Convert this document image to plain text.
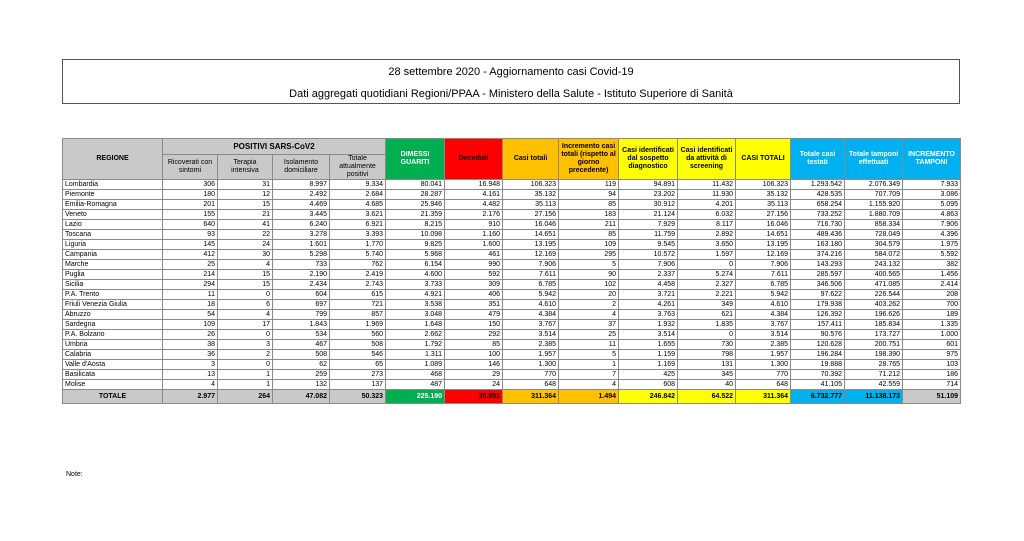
28 settembre 2020 - Aggiornamento casi Covid-19
Dati aggregati quotidiani Regioni/PPAA - Ministero della Salute - Istituto Superiore di Sanità
REGIONE	POSITIVI SARS-CoV2				DIMESSI GUARITI	Deceduti	Casi totali	Incremento casi totali (rispetto al giorno precedente)	Casi identificati dal sospetto diagnostico	Casi identificati da attività di screening	CASI TOTALI	Totale casi testati	Totale tamponi effettuati	INCREMENTO TAMPONI
	Ricoverati con sintomi	Terapia intensiva	Isolamento domiciliare	Totale attualmente positivi										
Lombardia	306	31	8.997	9.334	80.041	16.948	106.323	119	94.891	11.432	106.323	1.293.542	2.076.349	7.933
Piemonte	180	12	2.492	2.684	28.287	4.161	35.132	94	23.202	11.930	35.132	428.535	707.709	3.086
Emilia-Romagna	201	15	4.469	4.685	25.946	4.482	35.113	85	30.912	4.201	35.113	658.254	1.155.920	5.095
Veneto	155	21	3.445	3.621	21.359	2.176	27.156	183	21.124	6.032	27.156	733.252	1.880.709	4.863
Lazio	640	41	6.240	6.921	8.215	910	16.046	211	7.929	8.117	16.046	716.730	858.334	7.906
Toscana	93	22	3.278	3.393	10.098	1.160	14.651	85	11.759	2.892	14.651	489.436	728.049	4.396
Liguria	145	24	1.601	1.770	9.825	1.600	13.195	109	9.545	3.650	13.195	163.180	304.579	1.975
Campania	412	30	5.298	5.740	5.968	461	12.169	295	10.572	1.597	12.169	374.216	584.072	5.592
Marche	25	4	733	762	6.154	990	7.906	5	7.906	0	7.906	143.293	243.132	382
Puglia	214	15	2.190	2.419	4.600	592	7.611	90	2.337	5.274	7.611	285.597	400.565	1.456
Sicilia	294	15	2.434	2.743	3.733	309	6.785	102	4.458	2.327	6.785	346.506	471.085	2.414
P.A. Trento	11	0	604	615	4.921	406	5.942	20	3.721	2.221	5.942	97.622	226.544	208
Friuli Venezia Giulia	18	6	697	721	3.538	351	4.610	2	4.261	349	4.610	179.938	403.262	700
Abruzzo	54	4	799	857	3.048	479	4.384	4	3.763	621	4.384	126.392	196.626	189
Sardegna	109	17	1.843	1.969	1.648	150	3.767	37	1.932	1.835	3.767	157.411	185.834	1.335
P.A. Bolzano	26	0	534	560	2.662	292	3.514	25	3.514	0	3.514	90.576	173.727	1.000
Umbria	38	3	467	508	1.792	85	2.385	11	1.655	730	2.385	120.628	200.751	601
Calabria	36	2	508	546	1.311	100	1.957	5	1.159	798	1.957	196.284	198.390	975
Valle d'Aosta	3	0	62	65	1.089	146	1.300	1	1.169	131	1.300	19.888	28.765	103
Basilicata	13	1	259	273	468	29	770	7	425	345	770	70.392	71.212	186
Molise	4	1	132	137	487	24	648	4	608	40	648	41.105	42.559	714
TOTALE	2.977	264	47.082	50.323	225.190	35.851	311.364	1.494	246.842	64.522	311.364	6.732.777	11.138.173	51.109
Note:
